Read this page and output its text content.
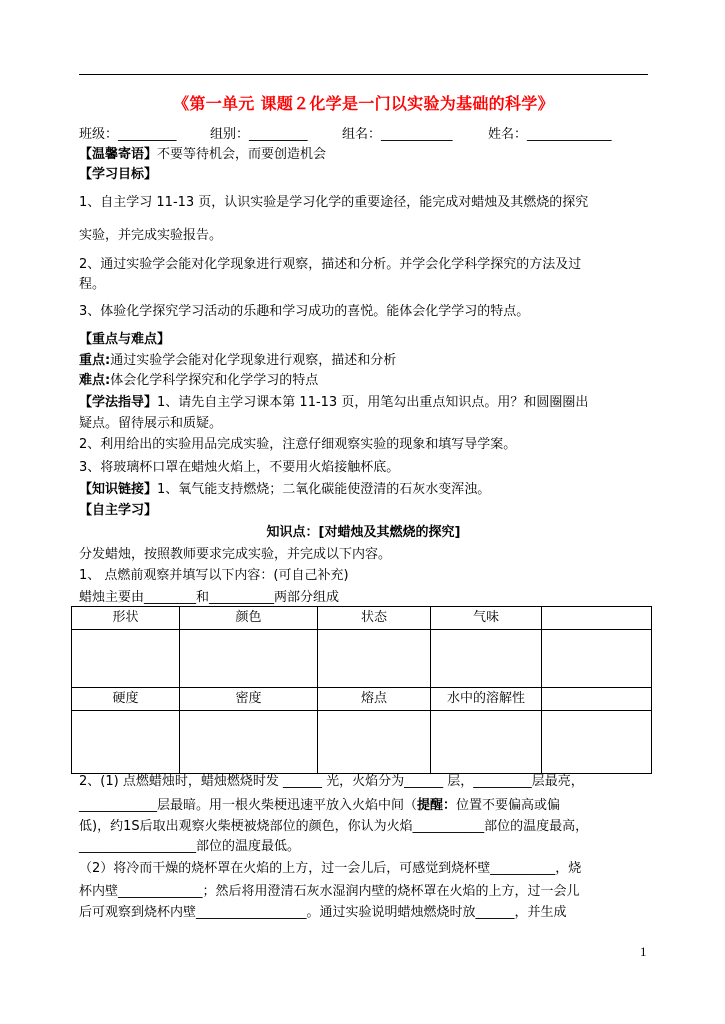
《第一单元 课题２化学是一门以实验为基础的科学》
班级：_________	组别：_________	组名：___________	姓名：_____________
【温馨寄语】不要等待机会，而要创造机会
【学习目标】
1、自主学习 11-13 页，认识实验是学习化学的重要途径，能完成对蜡烛及其燃烧的探究
实验，并完成实验报告。
2、通过实验学会能对化学现象进行观察，描述和分析。并学会化学科学探究的方法及过
程。
3、体验化学探究学习活动的乐趣和学习成功的喜悦。能体会化学学习的特点。
【重点与难点】
重点:通过实验学会能对化学现象进行观察，描述和分析
难点:体会化学科学探究和化学学习的特点
【学法指导】1、请先自主学习课本第 11-13 页，用笔勾出重点知识点。用？和圆圈圈出
疑点。留待展示和质疑。
2、利用给出的实验用品完成实验，注意仔细观察实验的现象和填写导学案。
3、将玻璃杯口罩在蜡烛火焰上，不要用火焰接触杯底。
【知识链接】1、氧气能支持燃烧；二氧化碳能使澄清的石灰水变浑浊。
【自主学习】
知识点：[对蜡烛及其燃烧的探究]
分发蜡烛，按照教师要求完成实验，并完成以下内容。
1、 点燃前观察并填写以下内容：(可自己补充)
蜡烛主要由________和__________两部分组成
形状	颜色	状态	气味	

硬度	密度	熔点	水中的溶解性	

2、(1) 点燃蜡烛时，蜡烛燃烧时发 ______ 光，火焰分为______ 层，_________层最亮，
____________层最暗。用一根火柴梗迅速平放入火焰中间（提醒：位置不要偏高或偏
低)，约1S后取出观察火柴梗被烧部位的颜色，你认为火焰___________部位的温度最高，
__________________部位的温度最低。
（2）将冷而干燥的烧杯罩在火焰的上方，过一会儿后，可感觉到烧杯壁__________，烧
杯内壁_____________；然后将用澄清石灰水湿润内壁的烧杯罩在火焰的上方，过一会儿
后可观察到烧杯内壁_________________。通过实验说明蜡烛燃烧时放______，并生成
1
